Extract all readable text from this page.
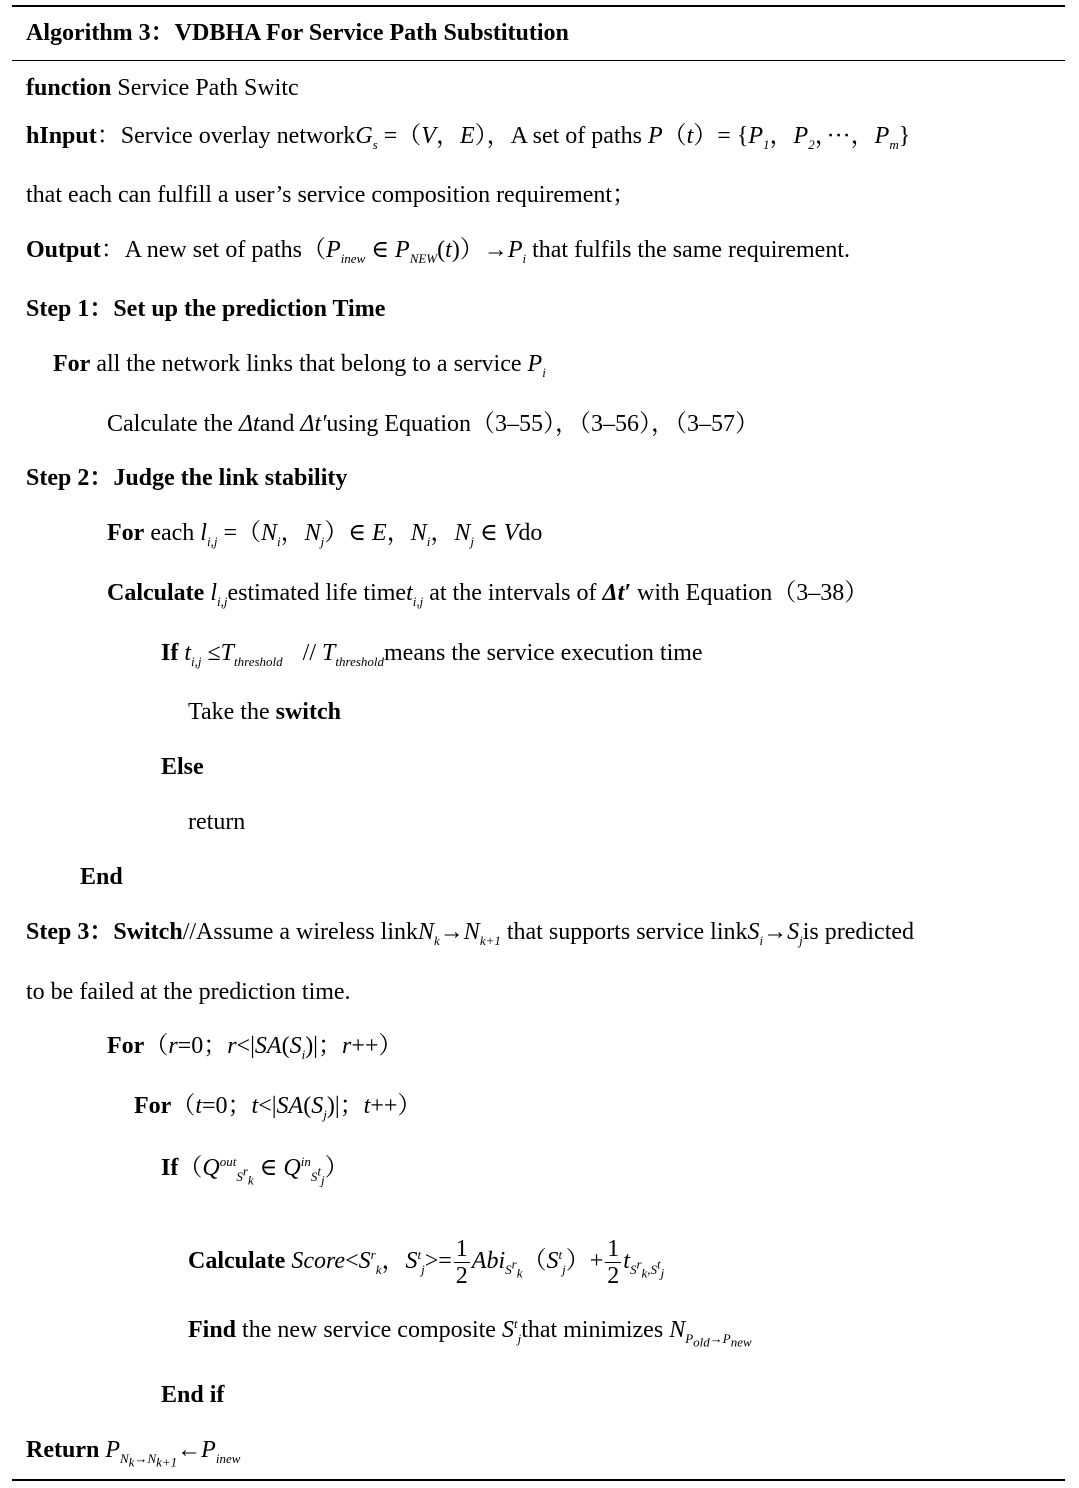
Algorithm 3：VDBHA For Service Path Substitution
function Service Path Switc
hInput：Service overlay networkG$_s$ =（V，E），A set of paths $P(t)= \{P_1$，$P_2$，···，$P_m$}
that each can fulfill a user’s service composition requirement；
Output：A new set of $paths(P_{inew}$ ∈ $P_{NEW}(t))\to P_i$ that fulfils the same requirement.
Step 1：Set up the prediction Time
For all the network links that belong to a service $P_i$
Calculate the Δtand Δt′using Equation（3–55），（3–56），（3–57）
Step 2：Judge the link stability
For each $l_{i,j} =(N_i$，$N_j)\in$ E，$N_i$，$N_j$ ∈ Vdo
Calculate $l_{i,j}estimated$ life timet$_{i,j}$ at the intervals of Δt′ with Equation（3–38）
If $t_{i,j} \le T_{threshold}$ // $T_{threshold}means$ the service execution time
Take the switch
Else
return
End
Step 3：Switch//Assume a wireless $linkN_k\to N_{k+1}$ that supports service $linkS_i\to S_jis$ predicted
to be failed at the prediction time.
For（r=0；$r<|SA(S_i)|$；r++）
For（t=0；$t<|SA(S_j)|$；t++）
$If(Q^{out}_{S^r_k}$ ∈ $Q^{in}_{S^t_j}$）
Calculate $Score<S^r_k$，$S^t_j>= \frac{1}{2} Abi_{S^r_k}(S^t_j)+ \frac{1}{2} t_{S^r_k,S^t_j}$
Find the new service composite $S^t_jthat$ minimizes $N_{P_{old}\to P_{new}}$
End if
Return $P_{N_k\to N_{k+1}}\leftarrow P_{inew}$
